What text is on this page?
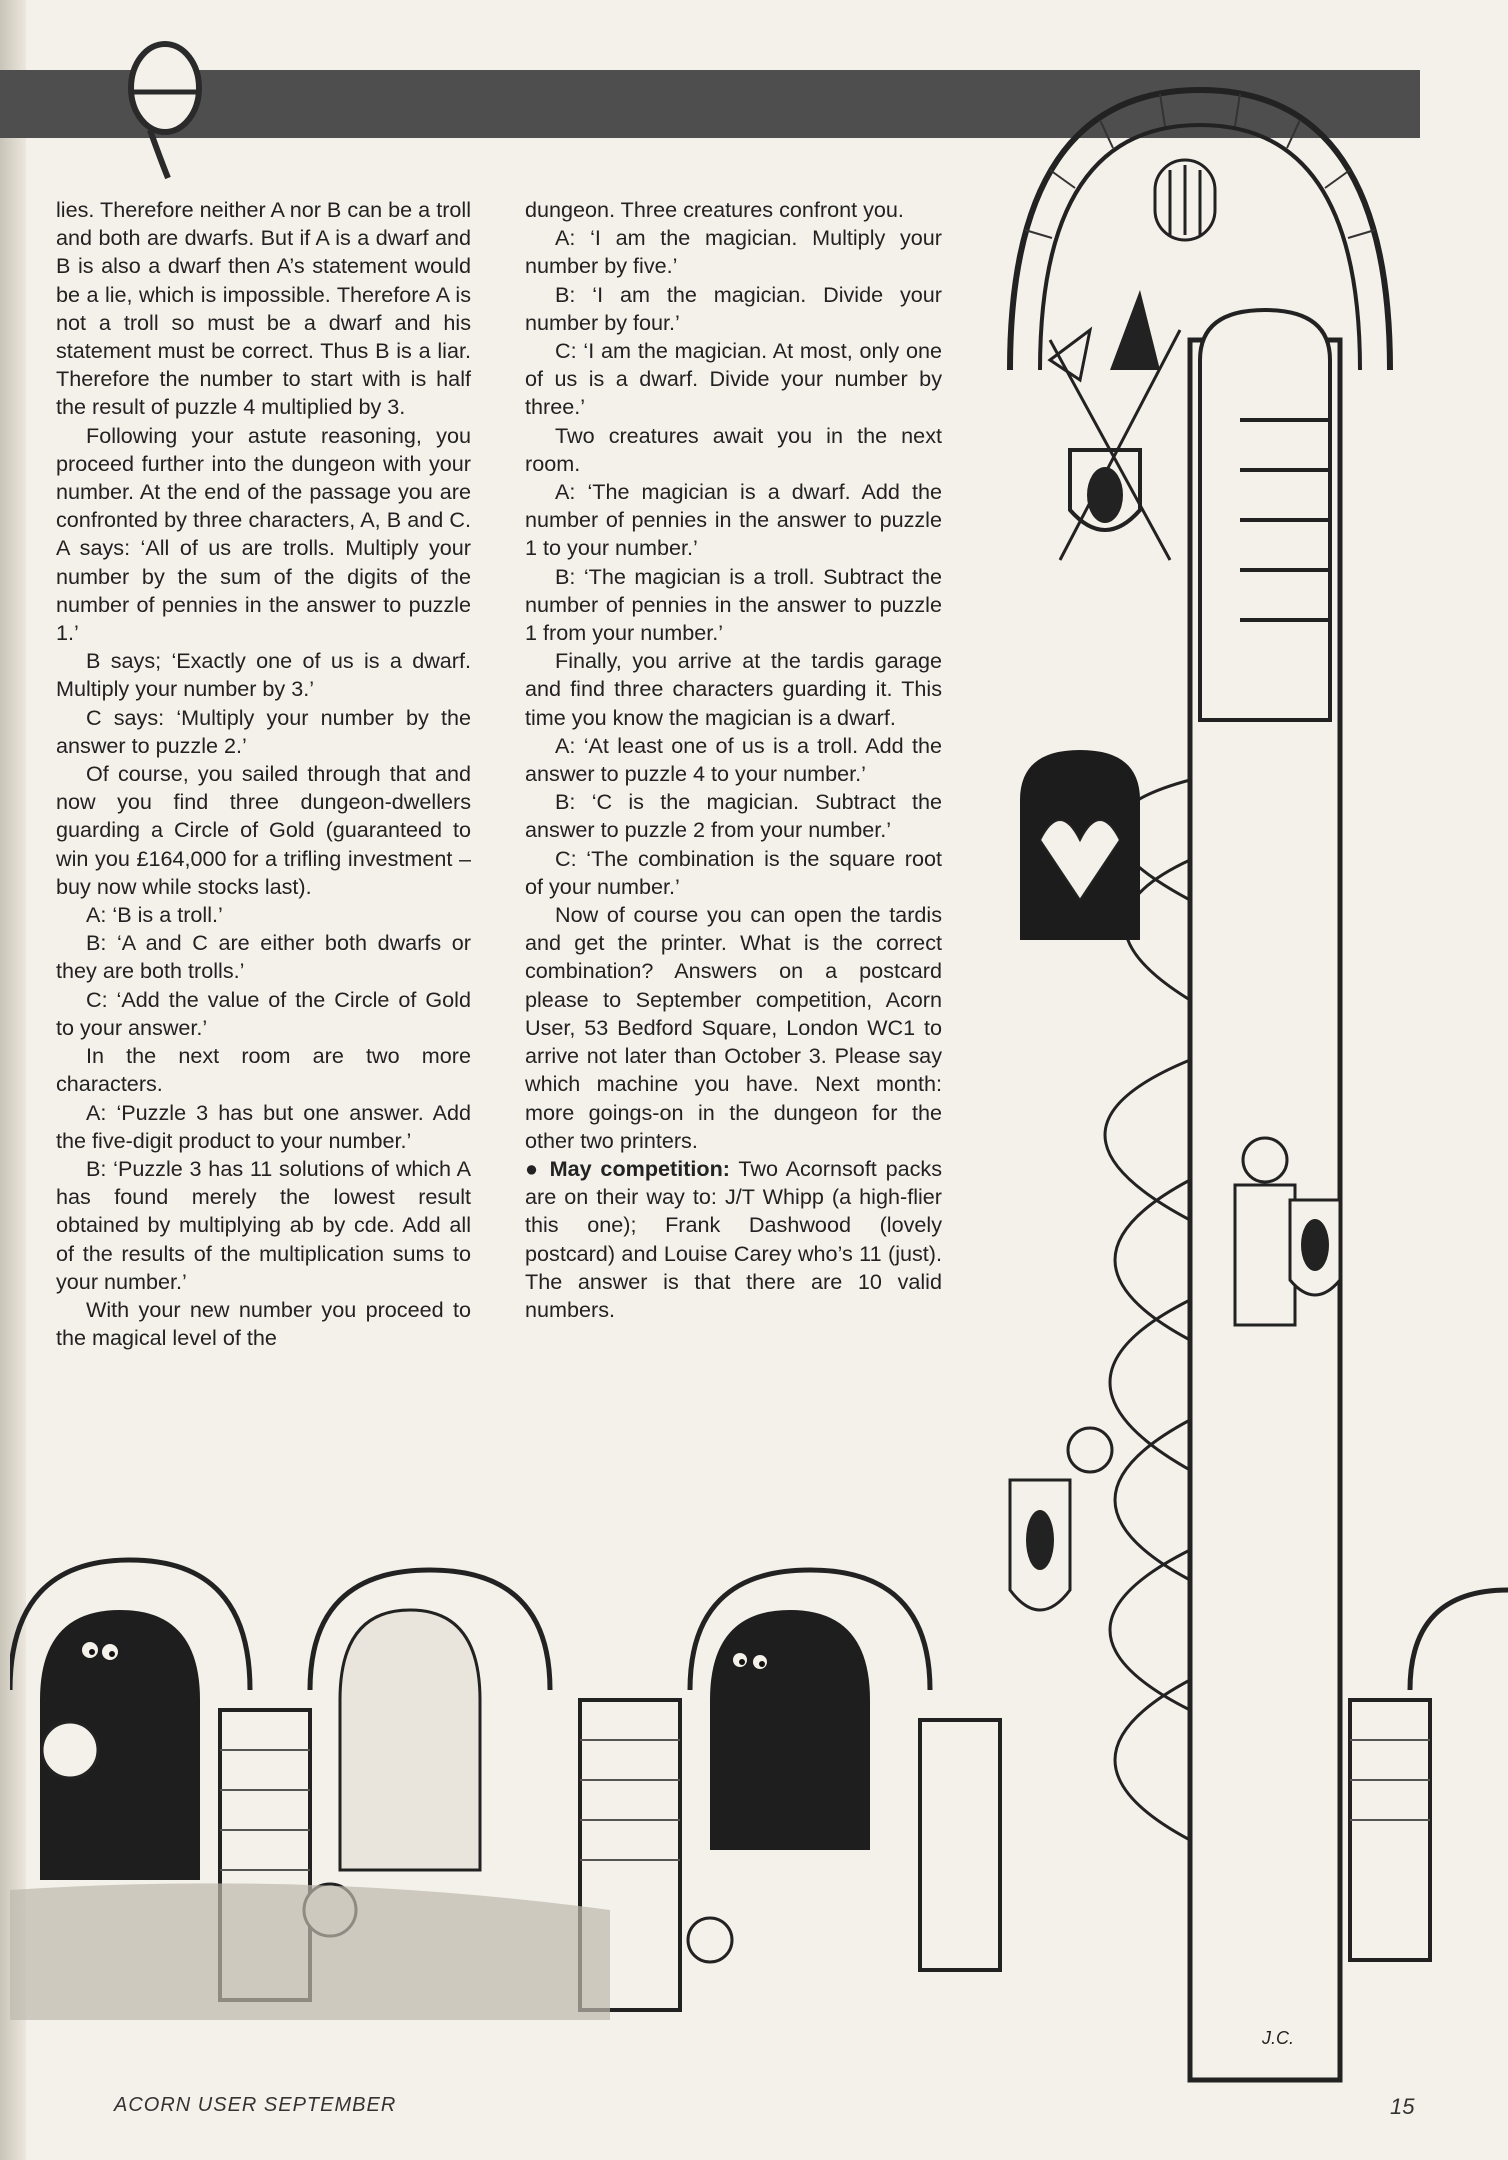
lies. Therefore neither A nor B can be a troll and both are dwarfs. But if A is a dwarf and B is also a dwarf then A’s statement would be a lie, which is impossible. Therefore A is not a troll so must be a dwarf and his statement must be correct. Thus B is a liar. Therefore the number to start with is half the result of puzzle 4 multiplied by 3.

Following your astute reasoning, you proceed further into the dungeon with your number. At the end of the passage you are confronted by three characters, A, B and C. A says: ‘All of us are trolls. Multiply your number by the sum of the digits of the number of pennies in the answer to puzzle 1.’

B says; ‘Exactly one of us is a dwarf. Multiply your number by 3.’

C says: ‘Multiply your number by the answer to puzzle 2.’

Of course, you sailed through that and now you find three dungeon-dwellers guarding a Circle of Gold (guaranteed to win you £164,000 for a trifling investment – buy now while stocks last).

A: ‘B is a troll.’

B: ‘A and C are either both dwarfs or they are both trolls.’

C: ‘Add the value of the Circle of Gold to your answer.’

In the next room are two more characters.

A: ‘Puzzle 3 has but one answer. Add the five-digit product to your number.’

B: ‘Puzzle 3 has 11 solutions of which A has found merely the lowest result obtained by multiplying ab by cde. Add all of the results of the multiplication sums to your number.’

With your new number you proceed to the magical level of the

dungeon. Three creatures confront you.

A: ‘I am the magician. Multiply your number by five.’

B: ‘I am the magician. Divide your number by four.’

C: ‘I am the magician. At most, only one of us is a dwarf. Divide your number by three.’

Two creatures await you in the next room.

A: ‘The magician is a dwarf. Add the number of pennies in the answer to puzzle 1 to your number.’

B: ‘The magician is a troll. Subtract the number of pennies in the answer to puzzle 1 from your number.’

Finally, you arrive at the tardis garage and find three characters guarding it. This time you know the magician is a dwarf.

A: ‘At least one of us is a troll. Add the answer to puzzle 4 to your number.’

B: ‘C is the magician. Subtract the answer to puzzle 2 from your number.’

C: ‘The combination is the square root of your number.’

Now of course you can open the tardis and get the printer. What is the correct combination? Answers on a postcard please to September competition, Acorn User, 53 Bedford Square, London WC1 to arrive not later than October 3. Please say which machine you have. Next month: more goings-on in the dungeon for the other two printers.

● May competition: Two Acornsoft packs are on their way to: J/T Whipp (a high-flier this one); Frank Dashwood (lovely postcard) and Louise Carey who’s 11 (just). The answer is that there are 10 valid numbers.

J.C.
ACORN USER SEPTEMBER	15
